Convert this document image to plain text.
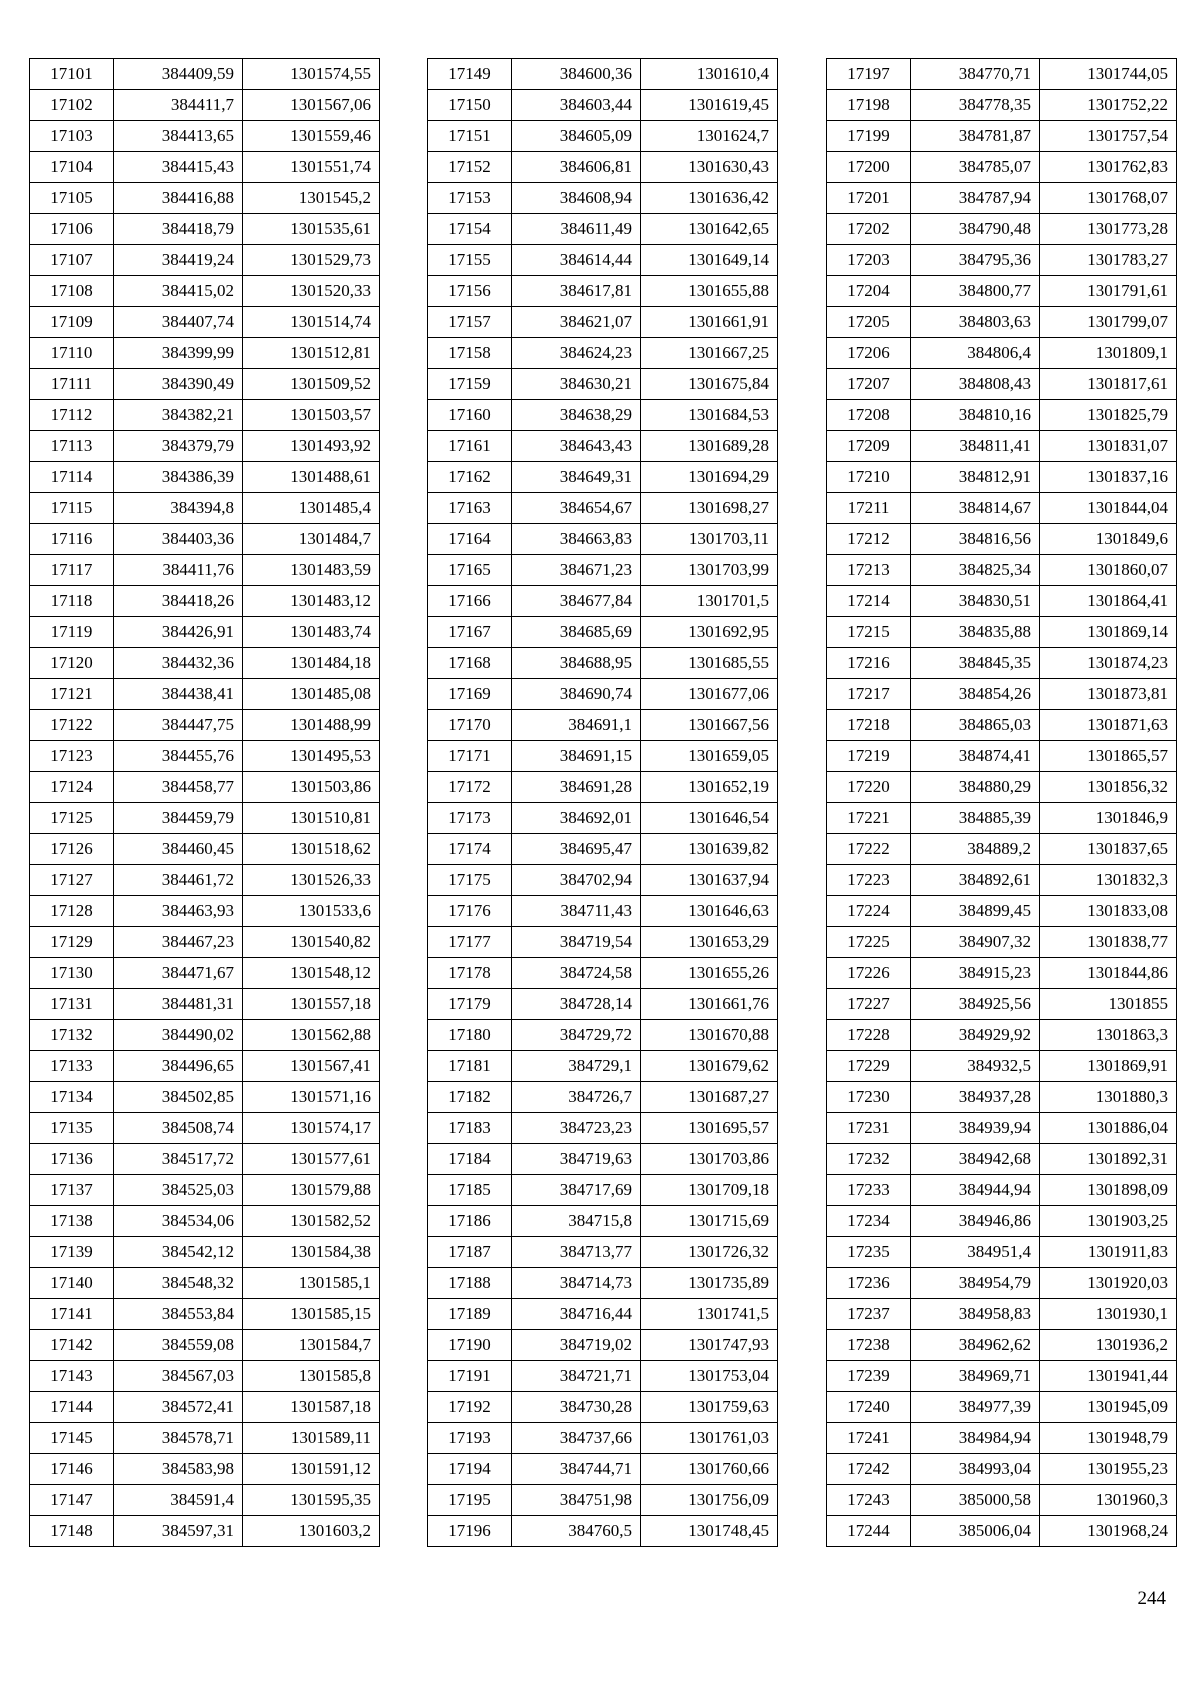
17101	384409,59	1301574,55
17102	384411,7	1301567,06
17103	384413,65	1301559,46
17104	384415,43	1301551,74
17105	384416,88	1301545,2
17106	384418,79	1301535,61
17107	384419,24	1301529,73
17108	384415,02	1301520,33
17109	384407,74	1301514,74
17110	384399,99	1301512,81
17111	384390,49	1301509,52
17112	384382,21	1301503,57
17113	384379,79	1301493,92
17114	384386,39	1301488,61
17115	384394,8	1301485,4
17116	384403,36	1301484,7
17117	384411,76	1301483,59
17118	384418,26	1301483,12
17119	384426,91	1301483,74
17120	384432,36	1301484,18
17121	384438,41	1301485,08
17122	384447,75	1301488,99
17123	384455,76	1301495,53
17124	384458,77	1301503,86
17125	384459,79	1301510,81
17126	384460,45	1301518,62
17127	384461,72	1301526,33
17128	384463,93	1301533,6
17129	384467,23	1301540,82
17130	384471,67	1301548,12
17131	384481,31	1301557,18
17132	384490,02	1301562,88
17133	384496,65	1301567,41
17134	384502,85	1301571,16
17135	384508,74	1301574,17
17136	384517,72	1301577,61
17137	384525,03	1301579,88
17138	384534,06	1301582,52
17139	384542,12	1301584,38
17140	384548,32	1301585,1
17141	384553,84	1301585,15
17142	384559,08	1301584,7
17143	384567,03	1301585,8
17144	384572,41	1301587,18
17145	384578,71	1301589,11
17146	384583,98	1301591,12
17147	384591,4	1301595,35
17148	384597,31	1301603,2
17149	384600,36	1301610,4
17150	384603,44	1301619,45
17151	384605,09	1301624,7
17152	384606,81	1301630,43
17153	384608,94	1301636,42
17154	384611,49	1301642,65
17155	384614,44	1301649,14
17156	384617,81	1301655,88
17157	384621,07	1301661,91
17158	384624,23	1301667,25
17159	384630,21	1301675,84
17160	384638,29	1301684,53
17161	384643,43	1301689,28
17162	384649,31	1301694,29
17163	384654,67	1301698,27
17164	384663,83	1301703,11
17165	384671,23	1301703,99
17166	384677,84	1301701,5
17167	384685,69	1301692,95
17168	384688,95	1301685,55
17169	384690,74	1301677,06
17170	384691,1	1301667,56
17171	384691,15	1301659,05
17172	384691,28	1301652,19
17173	384692,01	1301646,54
17174	384695,47	1301639,82
17175	384702,94	1301637,94
17176	384711,43	1301646,63
17177	384719,54	1301653,29
17178	384724,58	1301655,26
17179	384728,14	1301661,76
17180	384729,72	1301670,88
17181	384729,1	1301679,62
17182	384726,7	1301687,27
17183	384723,23	1301695,57
17184	384719,63	1301703,86
17185	384717,69	1301709,18
17186	384715,8	1301715,69
17187	384713,77	1301726,32
17188	384714,73	1301735,89
17189	384716,44	1301741,5
17190	384719,02	1301747,93
17191	384721,71	1301753,04
17192	384730,28	1301759,63
17193	384737,66	1301761,03
17194	384744,71	1301760,66
17195	384751,98	1301756,09
17196	384760,5	1301748,45
17197	384770,71	1301744,05
17198	384778,35	1301752,22
17199	384781,87	1301757,54
17200	384785,07	1301762,83
17201	384787,94	1301768,07
17202	384790,48	1301773,28
17203	384795,36	1301783,27
17204	384800,77	1301791,61
17205	384803,63	1301799,07
17206	384806,4	1301809,1
17207	384808,43	1301817,61
17208	384810,16	1301825,79
17209	384811,41	1301831,07
17210	384812,91	1301837,16
17211	384814,67	1301844,04
17212	384816,56	1301849,6
17213	384825,34	1301860,07
17214	384830,51	1301864,41
17215	384835,88	1301869,14
17216	384845,35	1301874,23
17217	384854,26	1301873,81
17218	384865,03	1301871,63
17219	384874,41	1301865,57
17220	384880,29	1301856,32
17221	384885,39	1301846,9
17222	384889,2	1301837,65
17223	384892,61	1301832,3
17224	384899,45	1301833,08
17225	384907,32	1301838,77
17226	384915,23	1301844,86
17227	384925,56	1301855
17228	384929,92	1301863,3
17229	384932,5	1301869,91
17230	384937,28	1301880,3
17231	384939,94	1301886,04
17232	384942,68	1301892,31
17233	384944,94	1301898,09
17234	384946,86	1301903,25
17235	384951,4	1301911,83
17236	384954,79	1301920,03
17237	384958,83	1301930,1
17238	384962,62	1301936,2
17239	384969,71	1301941,44
17240	384977,39	1301945,09
17241	384984,94	1301948,79
17242	384993,04	1301955,23
17243	385000,58	1301960,3
17244	385006,04	1301968,24
244
